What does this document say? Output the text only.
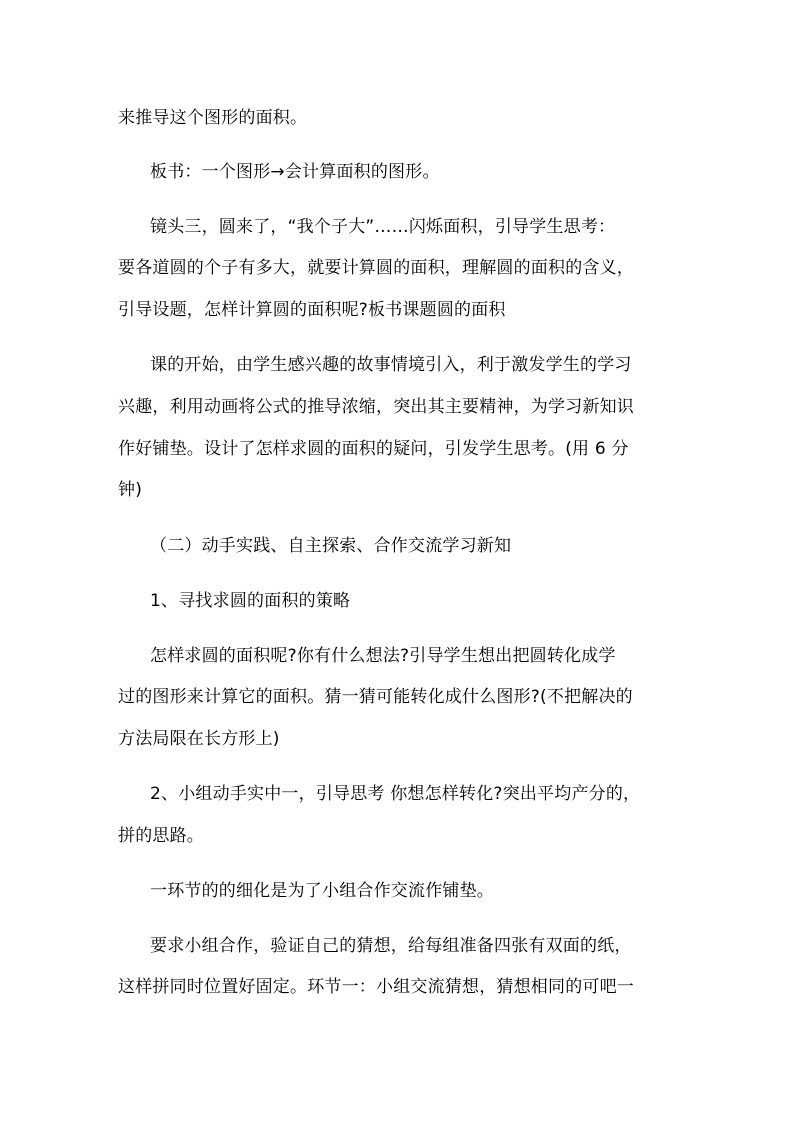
来推导这个图形的面积。
板书：一个图形→会计算面积的图形。
镜头三，圆来了，“我个子大”……闪烁面积，引导学生思考：
要各道圆的个子有多大，就要计算圆的面积，理解圆的面积的含义，
引导设题，怎样计算圆的面积呢?板书课题圆的面积
课的开始，由学生感兴趣的故事情境引入，利于激发学生的学习
兴趣，利用动画将公式的推导浓缩，突出其主要精神，为学习新知识
作好铺垫。设计了怎样求圆的面积的疑问，引发学生思考。(用 6 分
钟)
（二）动手实践、自主探索、合作交流学习新知
1、寻找求圆的面积的策略
怎样求圆的面积呢?你有什么想法?引导学生想出把圆转化成学
过的图形来计算它的面积。猜一猜可能转化成什么图形?(不把解决的
方法局限在长方形上)
2、小组动手实中一，引导思考 你想怎样转化?突出平均产分的，
拼的思路。
一环节的的细化是为了小组合作交流作铺垫。
要求小组合作，验证自己的猜想，给每组准备四张有双面的纸，
这样拼同时位置好固定。环节一：小组交流猜想，猜想相同的可吧一
